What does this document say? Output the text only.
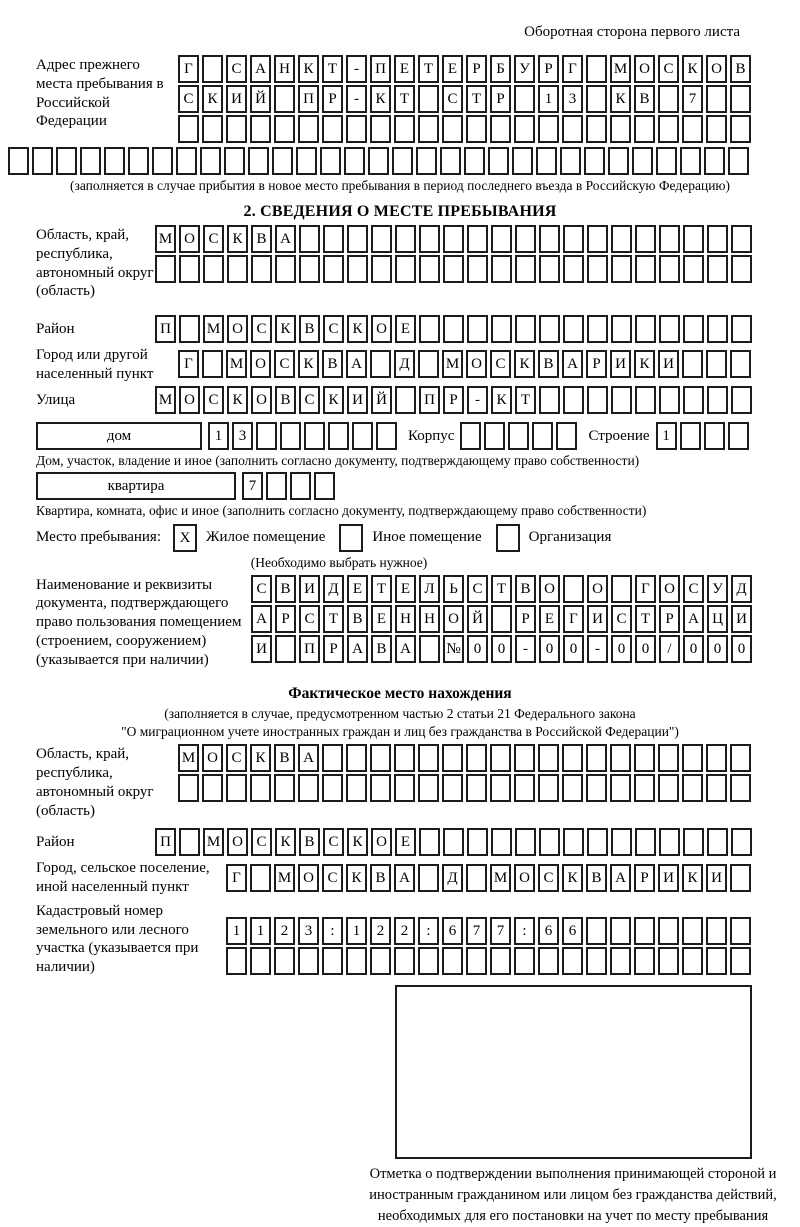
Оборотная сторона первого листа
Адрес прежнего места пребывания в Российской Федерации
Г	С А Н К Т - П Е Т Е Р Б У Р Г М О С К О В
С К И Й П Р - К Т	С Т Р	1 3	К В	7
(заполняется в случае прибытия в новое место пребывания в период последнего въезда в Российскую Федерацию)
2. СВЕДЕНИЯ О МЕСТЕ ПРЕБЫВАНИЯ
Область, край, республика, автономный округ (область)
М О С К В А
Район	П М О С К В С К О Е
Город или другой населенный пункт
Г М О С К В А Д М О С К В А Р И К И
Улица	М О С К О В С К И Й П Р - К Т
дом	1 3	Корпус	Строение 1
Дом, участок, владение и иное (заполнить согласно документу, подтверждающему право собственности)
квартира	7
Квартира, комната, офис и иное (заполнить согласно документу, подтверждающему право собственности)
Место пребывания:	X	Жилое помещение	Иное помещение	Организация
(Необходимо выбрать нужное)
Наименование и реквизиты документа, подтверждающего право пользования помещением (строением, сооружением) (указывается при наличии)
С В И Д Е Т Е Л Ь С Т В О О	Г О С У Д
А Р С Т В Е Н Н О Й	Р Е Г И С Т Р А Ц И
И П Р А В А № 0 0 - 0 0 - 0 0 / 0 0 0
Фактическое место нахождения
(заполняется в случае, предусмотренном частью 2 статьи 21 Федерального закона
"О миграционном учете иностранных граждан и лиц без гражданства в Российской Федерации")
Область, край, республика, автономный округ (область)
М О С К В А
Район	П М О С К В С К О Е
Город, сельское поселение, иной населенный пункт
Г М О С К В А Д М О С К В А Р И К И
Кадастровый номер земельного или лесного участка (указывается при наличии)
1 1 2 3 : 1 2 2 : 6 7 7 : 6 6
Отметка о подтверждении выполнения принимающей стороной и иностранным гражданином или лицом без гражданства действий, необходимых для его постановки на учет по месту пребывания
